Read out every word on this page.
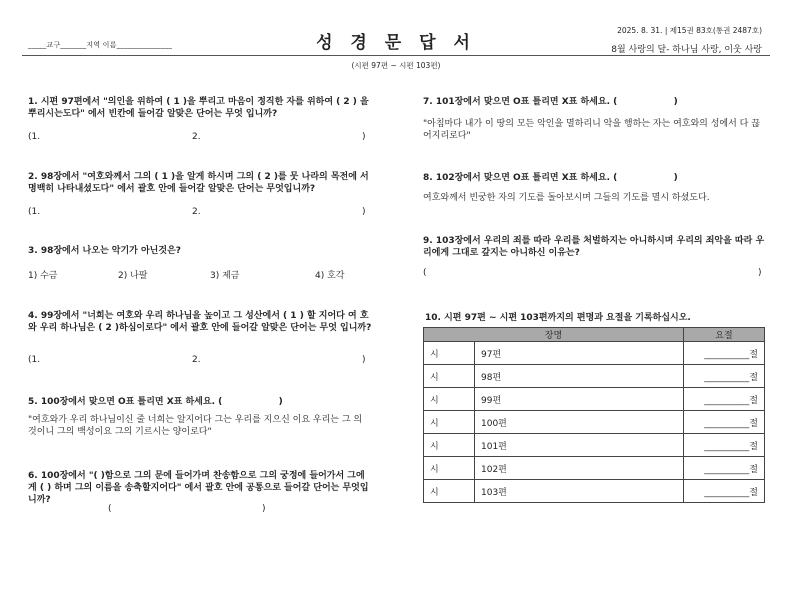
_____교구_______지역 이름_______________	성 경 문 답 서
2025. 8. 31. | 제15권 83호(통권 2487호)
8월 사랑의 달- 하나님 사랑, 이웃 사랑
(시편 97편 ~ 시편 103편)
1. 시편 97편에서 "의인을 위하여 ( 1 )을 뿌리고 마음이 정직한 자를 위하여 ( 2 ) 을 뿌리시는도다" 에서 빈칸에 들어갈 알맞은 단어는 무엇 입니까?
(1.	2.	)
2. 98장에서 "여호와께서 그의 ( 1 )을 알게 하시며 그의 ( 2 )를 뭇 나라의 목전에 서 명백히 나타내셨도다" 에서 괄호 안에 들어갈 알맞은 단어는 무엇입니까?
(1.	2.	)
3. 98장에서 나오는 악기가 아닌것은?
1) 수금	2) 나팔	3) 제금	4) 호각
4. 99장에서 "너희는 여호와 우리 하나님을 높이고 그 성산에서 ( 1 ) 할 지어다 여 호와 우리 하나님은 ( 2 )하심이로다" 에서 괄호 안에 들어갈 알맞은 단어는 무엇 입니까?
(1.	2.	)
5. 100장에서 맞으면 O표 틀리면 X표 하세요. (                  )
"여호와가 우리 하나님이신 줄 너희는 알지어다 그는 우리를 지으신 이요 우리는 그 의 것이니 그의 백성이요 그의 기르시는 양이로다"
6. 100장에서 "( )함으로 그의 문에 들어가며 찬송함으로 그의 궁정에 들어가서 그에게 ( ) 하며 그의 이름을 송축할지어다" 에서 괄호 안에 공통으로 들어갈 단어는 무엇입니까?
(	)
7. 101장에서 맞으면 O표 틀리면 X표 하세요. (                  )
"아침마다 내가 이 땅의 모든 악인을 멸하리니 악을 행하는 자는 여호와의 성에서 다 끊어지리로다"
8. 102장에서 맞으면 O표 틀리면 X표 하세요. (                  )
여호와께서 빈궁한 자의 기도를 돌아보시며 그들의 기도를 멸시 하셨도다.
9. 103장에서 우리의 죄를 따라 우리를 처벌하지는 아니하시며 우리의 죄악을 따라 우리에게 그대로 갚지는 아니하신 이유는?
(	)
10. 시편 97편 ~ 시편 103편까지의 편명과 요절을 기록하십시오.
장명		요절
시	97편	__________절
시	98편	__________절
시	99편	__________절
시	100편	__________절
시	101편	__________절
시	102편	__________절
시	103편	__________절
